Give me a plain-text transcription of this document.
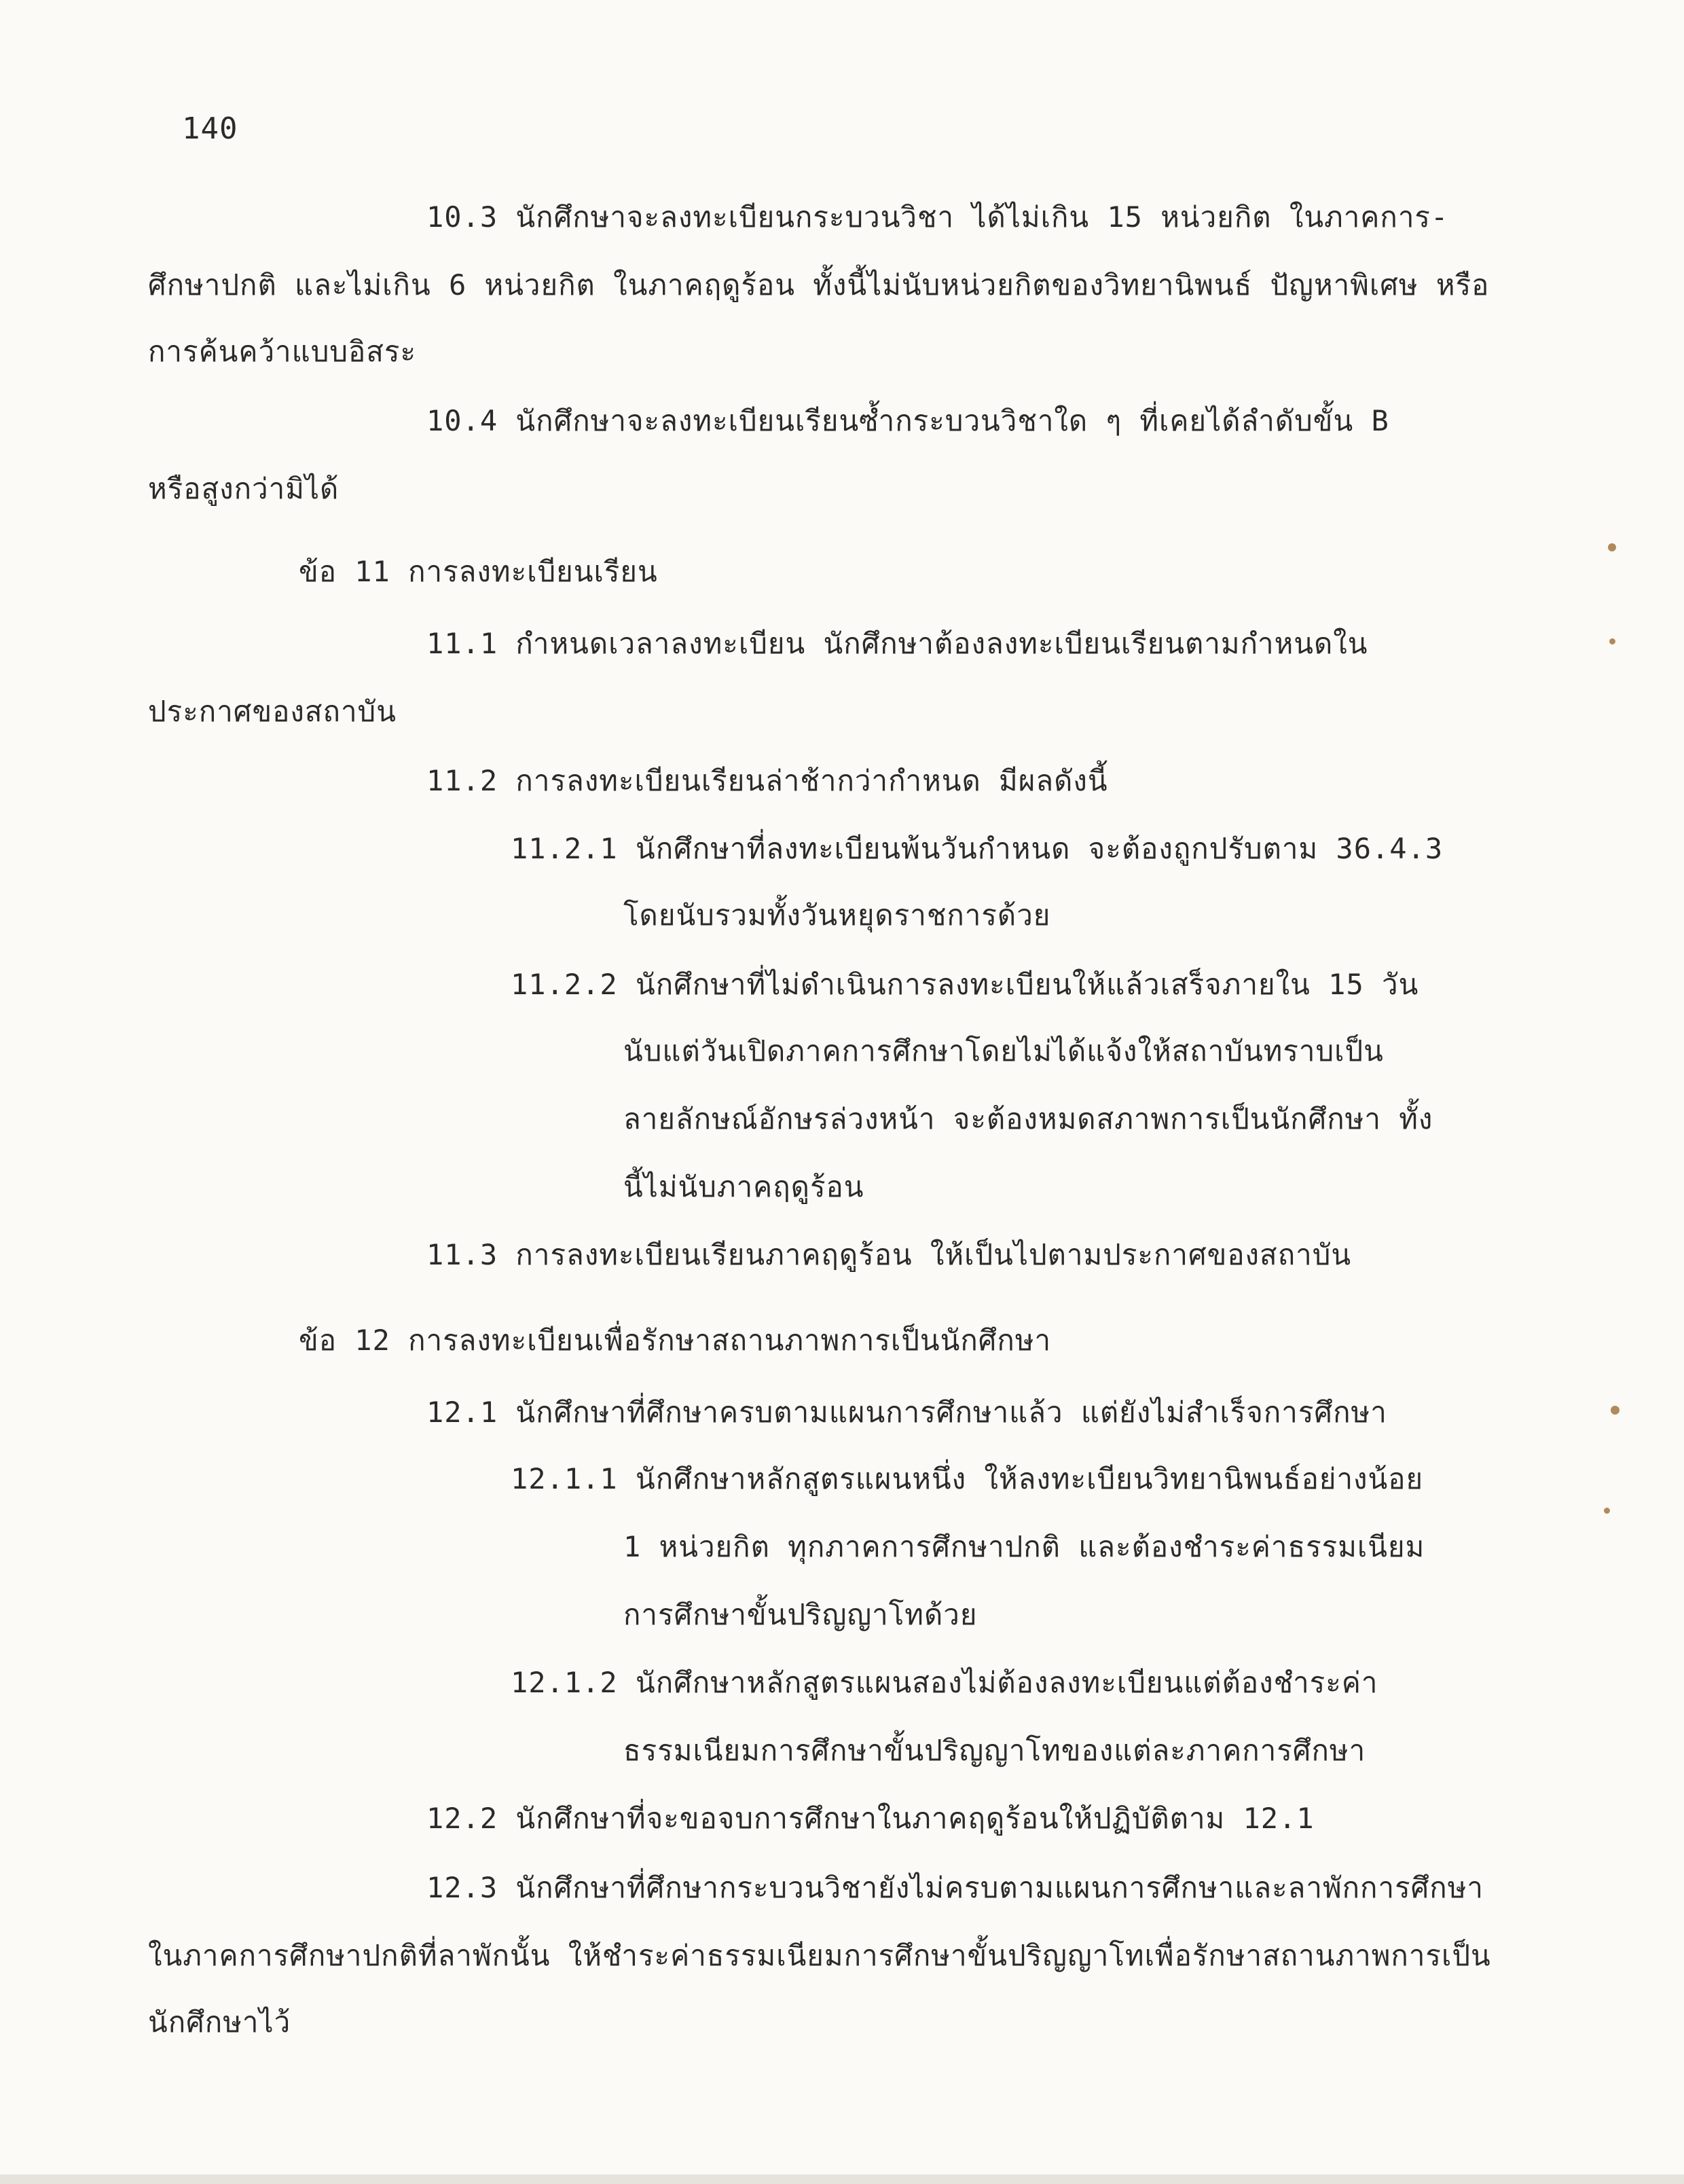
140
10.3 นักศึกษาจะลงทะเบียนกระบวนวิชา ได้ไม่เกิน 15 หน่วยกิต ในภาคการ-
ศึกษาปกติ และไม่เกิน 6 หน่วยกิต ในภาคฤดูร้อน ทั้งนี้ไม่นับหน่วยกิตของวิทยานิพนธ์ ปัญหาพิเศษ หรือ
การค้นคว้าแบบอิสระ
10.4 นักศึกษาจะลงทะเบียนเรียนซ้ำกระบวนวิชาใด ๆ ที่เคยได้ลำดับขั้น B
หรือสูงกว่ามิได้
ข้อ 11 การลงทะเบียนเรียน
11.1 กำหนดเวลาลงทะเบียน นักศึกษาต้องลงทะเบียนเรียนตามกำหนดใน
ประกาศของสถาบัน
11.2 การลงทะเบียนเรียนล่าช้ากว่ากำหนด มีผลดังนี้
11.2.1 นักศึกษาที่ลงทะเบียนพ้นวันกำหนด จะต้องถูกปรับตาม 36.4.3
โดยนับรวมทั้งวันหยุดราชการด้วย
11.2.2 นักศึกษาที่ไม่ดำเนินการลงทะเบียนให้แล้วเสร็จภายใน 15 วัน
นับแต่วันเปิดภาคการศึกษาโดยไม่ได้แจ้งให้สถาบันทราบเป็น
ลายลักษณ์อักษรล่วงหน้า จะต้องหมดสภาพการเป็นนักศึกษา ทั้ง
นี้ไม่นับภาคฤดูร้อน
11.3 การลงทะเบียนเรียนภาคฤดูร้อน ให้เป็นไปตามประกาศของสถาบัน
ข้อ 12 การลงทะเบียนเพื่อรักษาสถานภาพการเป็นนักศึกษา
12.1 นักศึกษาที่ศึกษาครบตามแผนการศึกษาแล้ว แต่ยังไม่สำเร็จการศึกษา
12.1.1 นักศึกษาหลักสูตรแผนหนึ่ง ให้ลงทะเบียนวิทยานิพนธ์อย่างน้อย
1 หน่วยกิต ทุกภาคการศึกษาปกติ และต้องชำระค่าธรรมเนียม
การศึกษาขั้นปริญญาโทด้วย
12.1.2 นักศึกษาหลักสูตรแผนสองไม่ต้องลงทะเบียนแต่ต้องชำระค่า
ธรรมเนียมการศึกษาขั้นปริญญาโทของแต่ละภาคการศึกษา
12.2 นักศึกษาที่จะขอจบการศึกษาในภาคฤดูร้อนให้ปฏิบัติตาม 12.1
12.3 นักศึกษาที่ศึกษากระบวนวิชายังไม่ครบตามแผนการศึกษาและลาพักการศึกษา
ในภาคการศึกษาปกติที่ลาพักนั้น ให้ชำระค่าธรรมเนียมการศึกษาขั้นปริญญาโทเพื่อรักษาสถานภาพการเป็น
นักศึกษาไว้
